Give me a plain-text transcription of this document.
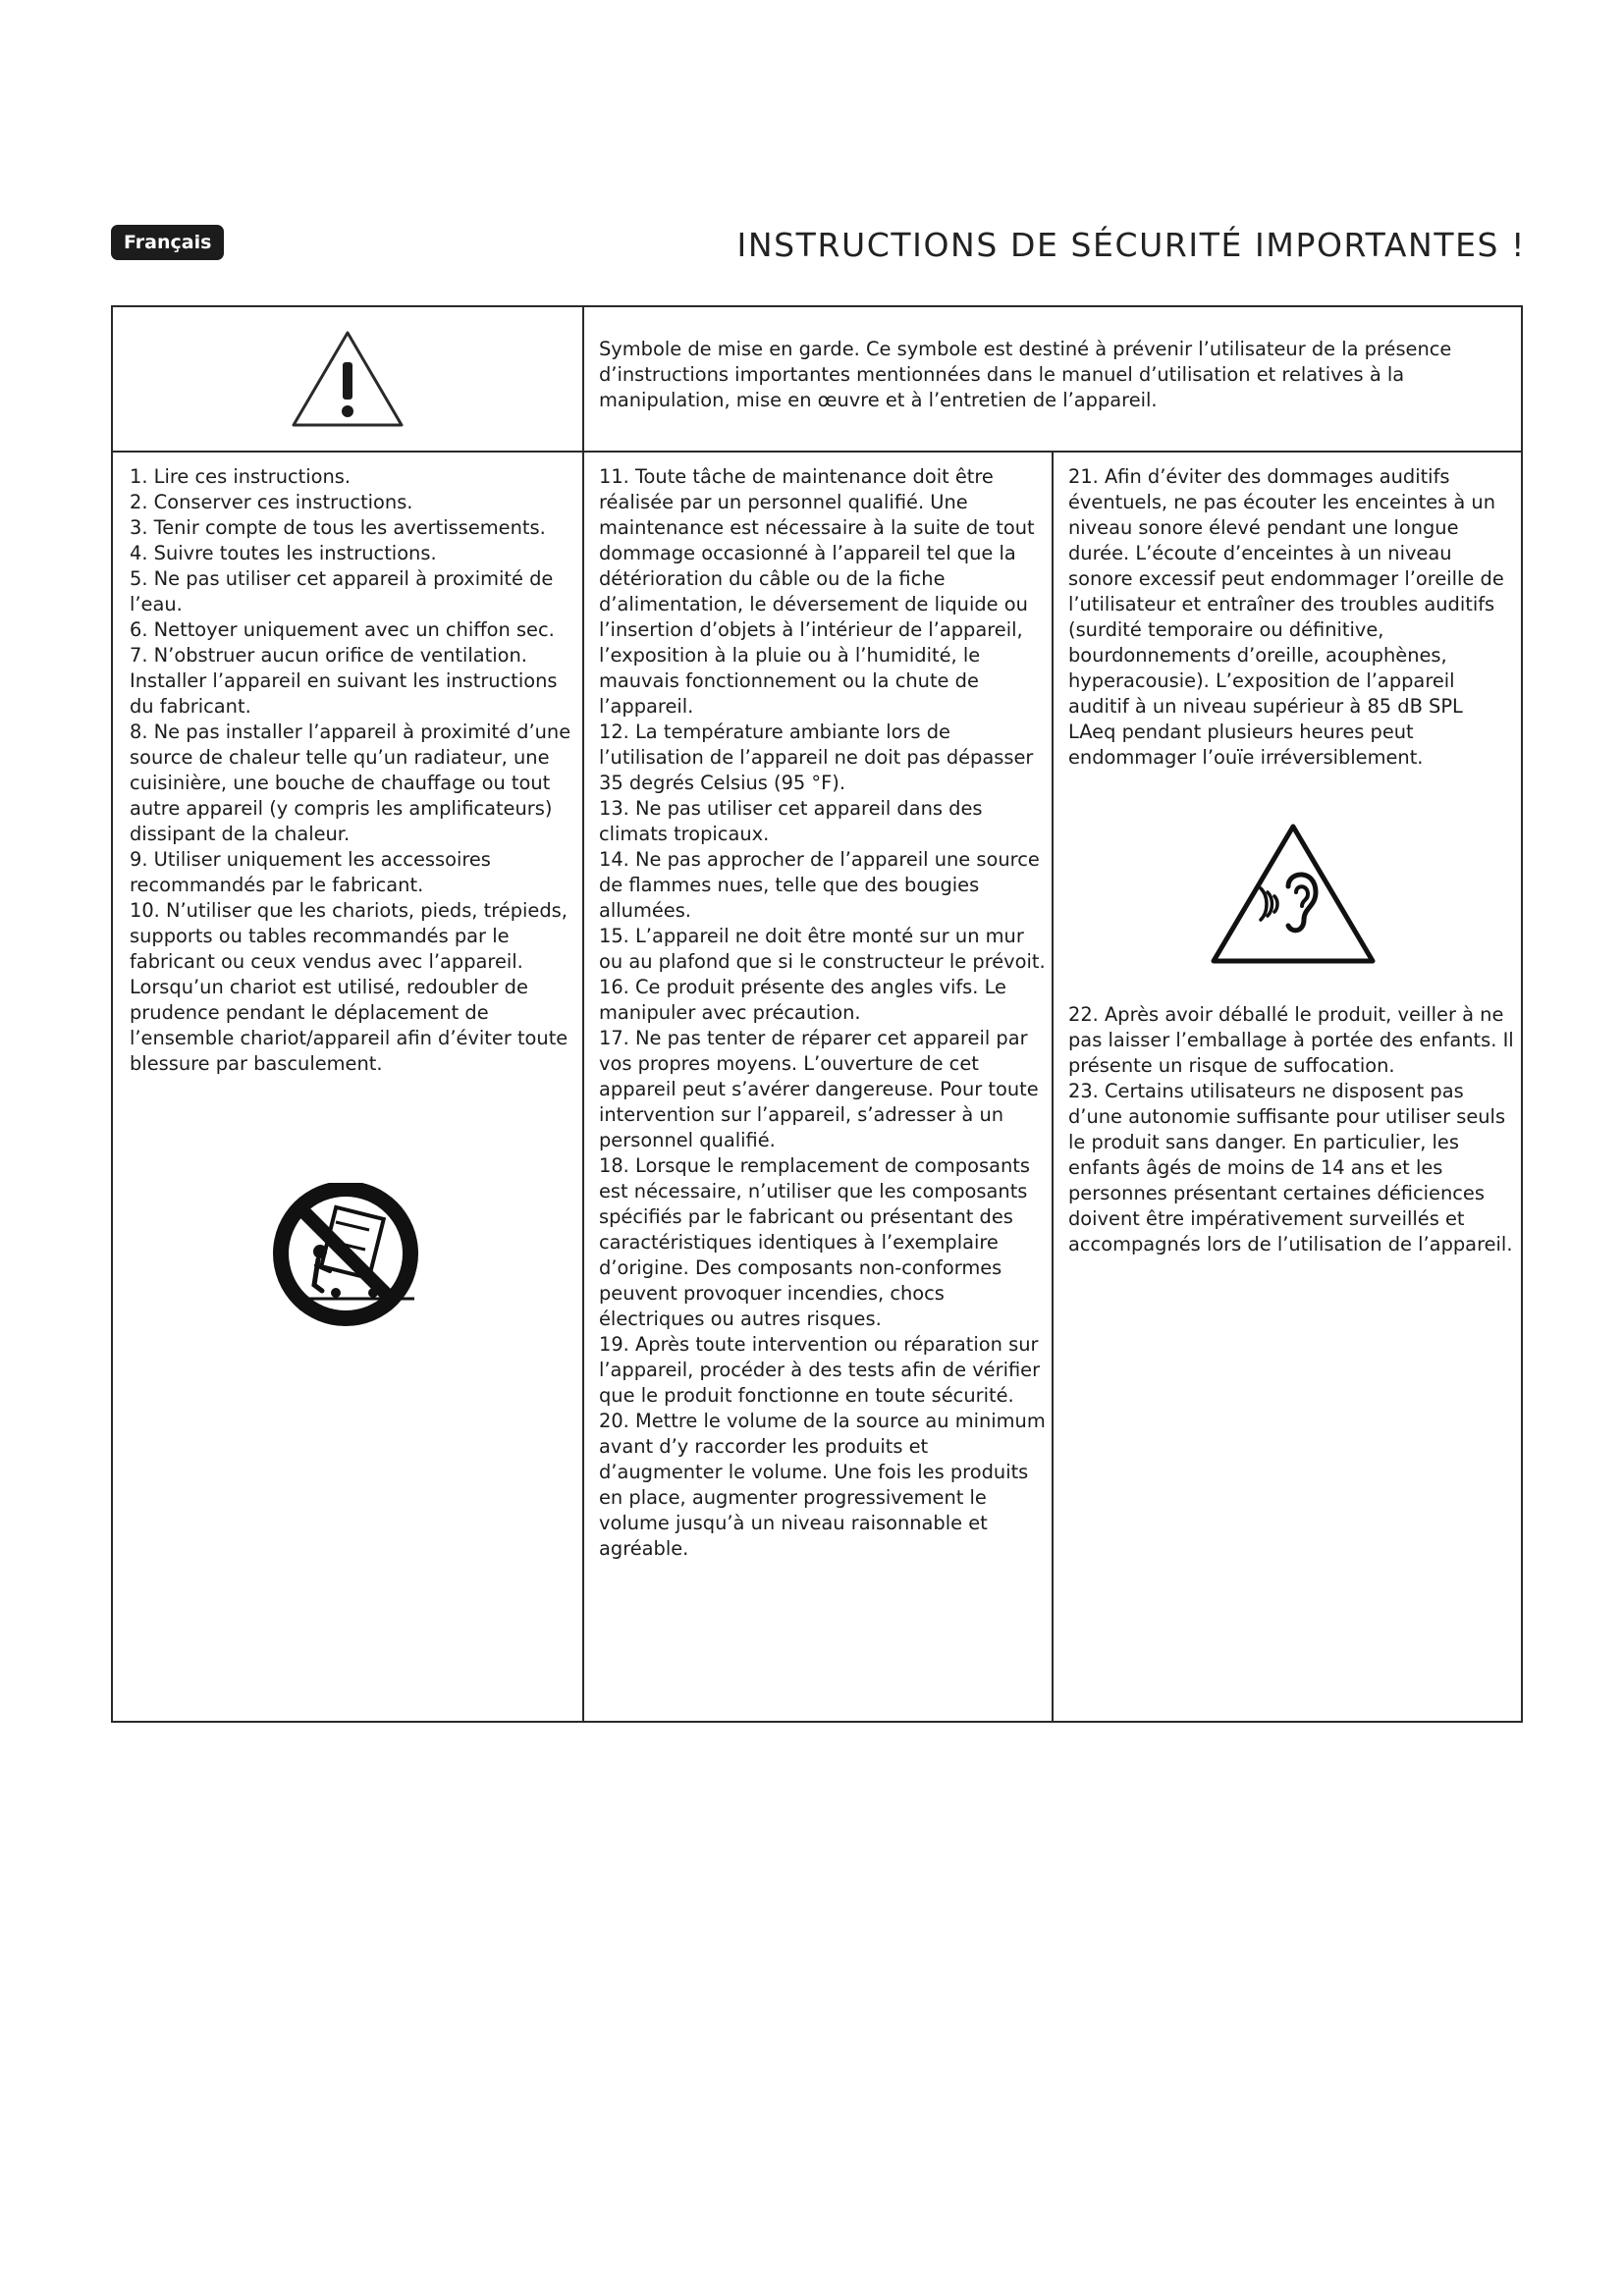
Français	INSTRUCTIONS DE SÉCURITÉ IMPORTANTES !

Symbole de mise en garde. Ce symbole est destiné à prévenir l’utilisateur de la présence d’instructions importantes mentionnées dans le manuel d’utilisation et relatives à la manipulation, mise en œuvre et à l’entretien de l’appareil.

1. Lire ces instructions.

2. Conserver ces instructions.

3. Tenir compte de tous les avertissements.

4. Suivre toutes les instructions.

5. Ne pas utiliser cet appareil à proximité de l’eau.

6. Nettoyer uniquement avec un chiffon sec.

7. N’obstruer aucun orifice de ventilation. Installer l’appareil en suivant les instructions du fabricant.

8. Ne pas installer l’appareil à proximité d’une source de chaleur telle qu’un radiateur, une cuisinière, une bouche de chauffage ou tout autre appareil (y compris les amplificateurs) dissipant de la chaleur.

9. Utiliser uniquement les accessoires recommandés par le fabricant.

10. N’utiliser que les chariots, pieds, trépieds, supports ou tables recommandés par le fabricant ou ceux vendus avec l’appareil. Lorsqu’un chariot est utilisé, redoubler de prudence pendant le déplacement de l’ensemble chariot/appareil afin d’éviter toute blessure par basculement.

11. Toute tâche de maintenance doit être réalisée par un personnel qualifié. Une maintenance est nécessaire à la suite de tout dommage occasionné à l’appareil tel que la détérioration du câble ou de la fiche d’alimentation, le déversement de liquide ou l’insertion d’objets à l’intérieur de l’appareil, l’exposition à la pluie ou à l’humidité, le mauvais fonctionnement ou la chute de l’appareil.

12. La température ambiante lors de l’utilisation de l’appareil ne doit pas dépasser 35 degrés Celsius (95 °F).

13. Ne pas utiliser cet appareil dans des climats tropicaux.

14. Ne pas approcher de l’appareil une source de flammes nues, telle que des bougies allumées.

15. L’appareil ne doit être monté sur un mur ou au plafond que si le constructeur le prévoit.

16. Ce produit présente des angles vifs. Le manipuler avec précaution.

17. Ne pas tenter de réparer cet appareil par vos propres moyens. L’ouverture de cet appareil peut s’avérer dangereuse. Pour toute intervention sur l’appareil, s’adresser à un personnel qualifié.

18. Lorsque le remplacement de composants est nécessaire, n’utiliser que les composants spécifiés par le fabricant ou présentant des caractéristiques identiques à l’exemplaire d’origine. Des composants non-conformes peuvent provoquer incendies, chocs électriques ou autres risques.

19. Après toute intervention ou réparation sur l’appareil, procéder à des tests afin de vérifier que le produit fonctionne en toute sécurité.

20. Mettre le volume de la source au minimum avant d’y raccorder les produits et d’augmenter le volume. Une fois les produits en place, augmenter progressivement le volume jusqu’à un niveau raisonnable et agréable.

21. Afin d’éviter des dommages auditifs éventuels, ne pas écouter les enceintes à un niveau sonore élevé pendant une longue durée. L’écoute d’enceintes à un niveau sonore excessif peut endommager l’oreille de l’utilisateur et entraîner des troubles auditifs (surdité temporaire ou définitive, bourdonnements d’oreille, acouphènes, hyperacousie). L’exposition de l’appareil auditif à un niveau supérieur à 85 dB SPL LAeq pendant plusieurs heures peut endommager l’ouïe irréversiblement.

22. Après avoir déballé le produit, veiller à ne pas laisser l’emballage à portée des enfants. Il présente un risque de suffocation.

23. Certains utilisateurs ne disposent pas d’une autonomie suffisante pour utiliser seuls le produit sans danger. En particulier, les enfants âgés de moins de 14 ans et les personnes présentant certaines déficiences doivent être impérativement surveillés et accompagnés lors de l’utilisation de l’appareil.
